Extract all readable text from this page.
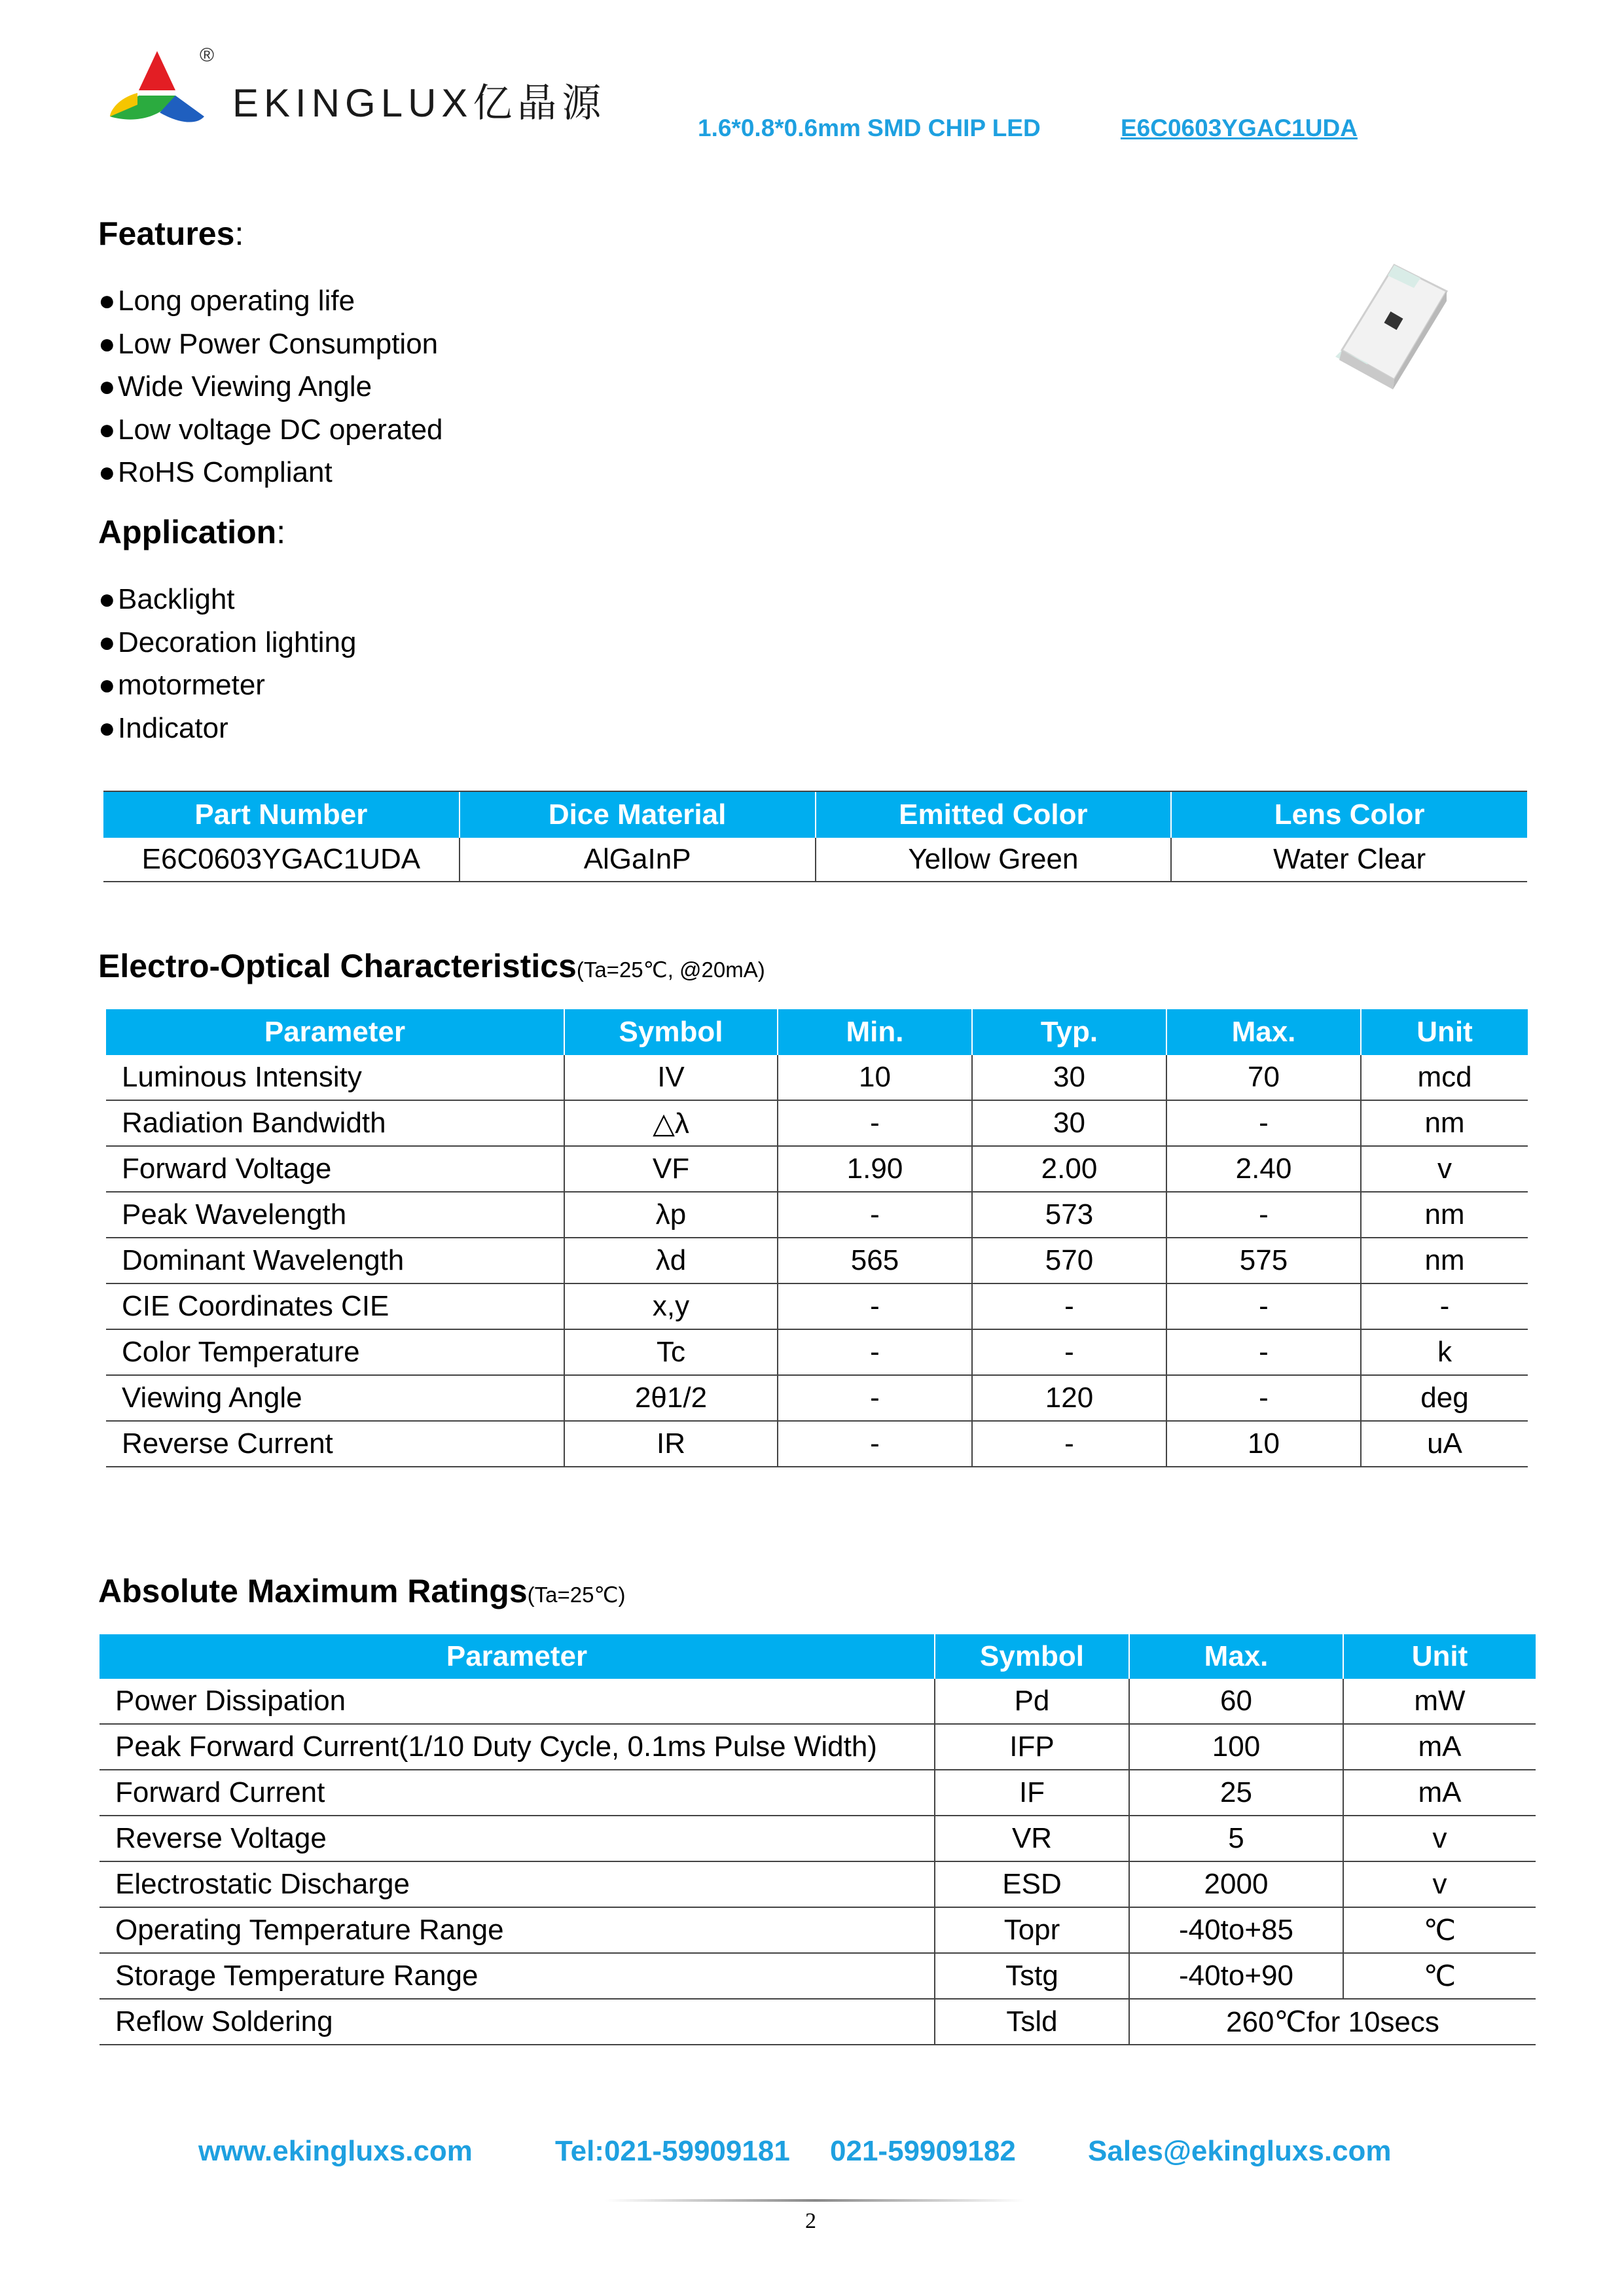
®
EKINGLUX亿晶源
1.6*0.8*0.6mm SMD CHIP LED	E6C0603YGAC1UDA
Features:
●Long operating life
●Low Power Consumption
●Wide Viewing Angle
●Low voltage DC operated
●RoHS Compliant
Application:
●Backlight
●Decoration lighting
●motormeter
●Indicator
Part Number	Dice Material	Emitted Color	Lens Color
E6C0603YGAC1UDA	AlGaInP	Yellow Green	Water Clear
Electro-Optical Characteristics(Ta=25℃, @20mA)
Parameter	Symbol	Min.	Typ.	Max.	Unit
Luminous Intensity	IV	10	30	70	mcd
Radiation Bandwidth	△λ	-	30	-	nm
Forward Voltage	VF	1.90	2.00	2.40	v
Peak Wavelength	λp	-	573	-	nm
Dominant Wavelength	λd	565	570	575	nm
CIE Coordinates CIE	x,y	-	-	-	-
Color Temperature	Tc	-	-	-	k
Viewing Angle	2θ1/2	-	120	-	deg
Reverse Current	IR	-	-	10	uA
Absolute Maximum Ratings(Ta=25℃)
Parameter	Symbol	Max.	Unit
Power Dissipation	Pd	60	mW
Peak Forward Current(1/10 Duty Cycle, 0.1ms Pulse Width)	IFP	100	mA
Forward Current	IF	25	mA
Reverse Voltage	VR	5	v
Electrostatic Discharge	ESD	2000	v
Operating Temperature Range	Topr	-40to+85	℃
Storage Temperature Range	Tstg	-40to+90	℃
Reflow Soldering	Tsld	260℃for 10secs	
www.ekingluxs.com	Tel:021-59909181 021-59909182	Sales@ekingluxs.com
2
